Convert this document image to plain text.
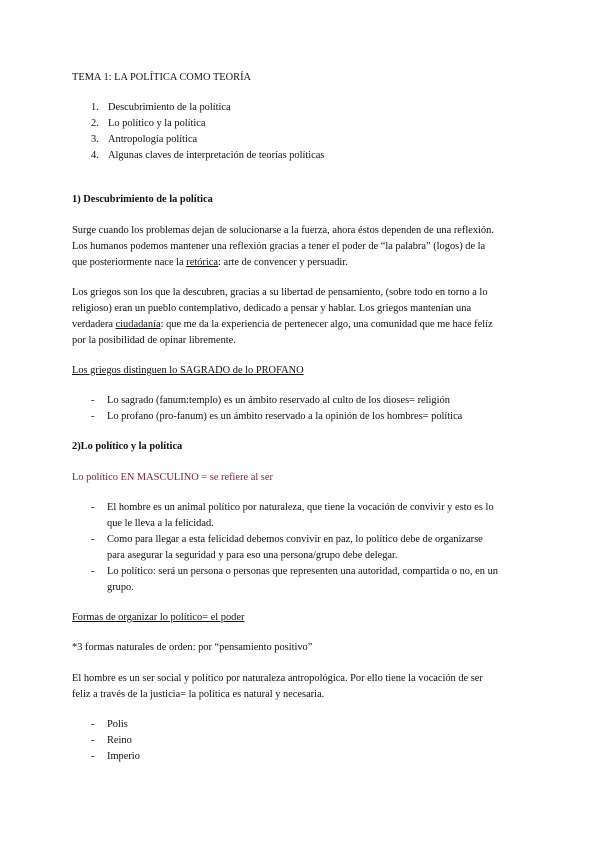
TEMA 1: LA POLÍTICA COMO TEORÍA
1. Descubrimiento de la política
2. Lo político y la política
3. Antropología política
4. Algunas claves de interpretación de teorías políticas
1) Descubrimiento de la política
Surge cuando los problemas dejan de solucionarse a la fuerza, ahora éstos dependen de una reflexión.
Los humanos podemos mantener una reflexión gracias a tener el poder de “la palabra” (logos) de la
que posteriormente nace la retórica: arte de convencer y persuadir.
Los griegos son los que la descubren, gracias a su libertad de pensamiento, (sobre todo en torno a lo
religioso) eran un pueblo contemplativo, dedicado a pensar y hablar. Los griegos mantenían una
verdadera ciudadanía: que me da la experiencia de pertenecer algo, una comunidad que me hace felíz
por la posibilidad de opinar libremente.
Los griegos distinguen lo SAGRADO de lo PROFANO
- Lo sagrado (fanum:templo) es un ámbito reservado al culto de los dioses= religión
- Lo profano (pro-fanum) es un ámbito reservado a la opinión de los hombres= política
2)Lo político y la política
Lo político EN MASCULINO = se refiere al ser
- El hombre es un animal político por naturaleza, que tiene la vocación de convivir y esto es lo
que le lleva a la felicidad.
- Como para llegar a esta felicidad debemos convivir en paz, lo político debe de organizarse
para asegurar la seguridad y para eso una persona/grupo debe delegar.
- Lo político: será un persona o personas que representen una autoridad, compartida o no, en un
grupo.
Formas de organizar lo político= el poder
*3 formas naturales de orden: por “pensamiento positivo”
El hombre es un ser social y político por naturaleza antropológica. Por ello tiene la vocación de ser
feliz a través de la justicia= la política es natural y necesaria.
- Polis
- Reino
- Imperio
